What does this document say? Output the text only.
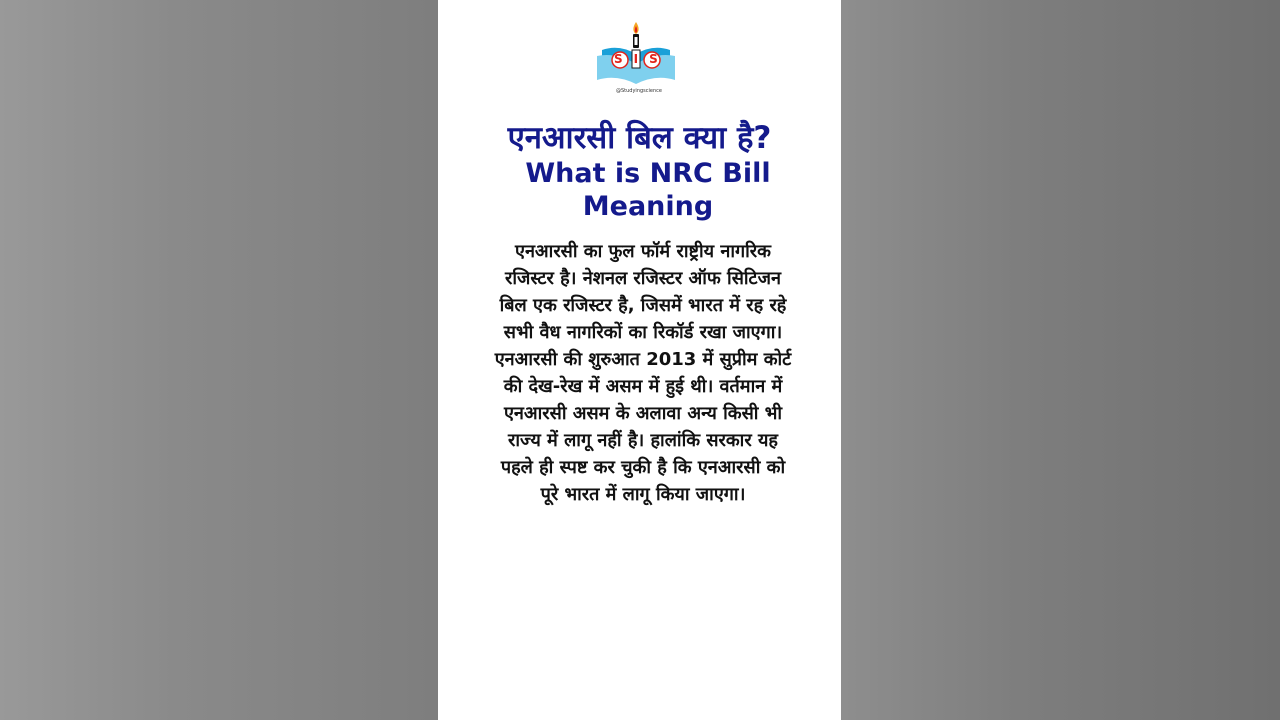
SIS
@Studyingscience
एनआरसी बिल क्या है?
What is NRC Bill Meaning
एनआरसी का फुल फॉर्म राष्ट्रीय नागरिक रजिस्टर है। नेशनल रजिस्टर ऑफ सिटिजन बिल एक रजिस्टर है, जिसमें भारत में रह रहे सभी वैध नागरिकों का रिकॉर्ड रखा जाएगा। एनआरसी की शुरुआत 2013 में सुप्रीम कोर्ट की देख-रेख में असम में हुई थी। वर्तमान में एनआरसी असम के अलावा अन्य किसी भी राज्य में लागू नहीं है। हालांकि सरकार यह पहले ही स्पष्ट कर चुकी है कि एनआरसी को पूरे भारत में लागू किया जाएगा।
